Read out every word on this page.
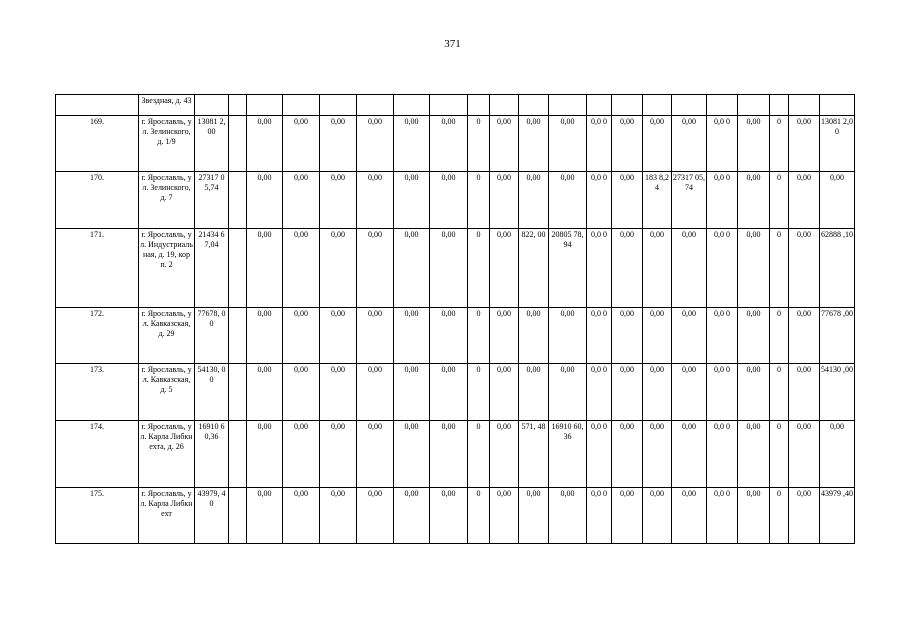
371
	Звездная, д. 43																					
169.	г. Ярославль, ул. Зелинского, д. 1/9	13081 2,00		0,00	0,00	0,00	0,00	0,00	0,00	0	0,00	0,00	0,00	0,0 0	0,00	0,00	0,00	0,0 0	0,00	0	0,00	13081 2,00
170.	г. Ярославль, ул. Зелинского, д. 7	27317 05,74		0,00	0,00	0,00	0,00	0,00	0,00	0	0,00	0,00	0,00	0,0 0	0,00	183 8,24	27317 05,74	0,0 0	0,00	0	0,00	0,00
171.	г. Ярославль, ул. Индустриальная, д. 19, корп. 2	21434 67,04		0,00	0,00	0,00	0,00	0,00	0,00	0	0,00	822, 00	20805 78,94	0,0 0	0,00	0,00	0,00	0,0 0	0,00	0	0,00	62888 ,10
172.	г. Ярославль, ул. Кавказская, д. 29	77678, 00		0,00	0,00	0,00	0,00	0,00	0,00	0	0,00	0,00	0,00	0,0 0	0,00	0,00	0,00	0,0 0	0,00	0	0,00	77678 ,00
173.	г. Ярославль, ул. Кавказская, д. 5	54130, 00		0,00	0,00	0,00	0,00	0,00	0,00	0	0,00	0,00	0,00	0,0 0	0,00	0,00	0,00	0,0 0	0,00	0	0,00	54130 ,00
174.	г. Ярославль, ул. Карла Либкнехта, д. 26	16910 60,36		0,00	0,00	0,00	0,00	0,00	0,00	0	0,00	571, 48	16910 60,36	0,0 0	0,00	0,00	0,00	0,0 0	0,00	0	0,00	0,00
175.	г. Ярославль, ул. Карла Либкнехт	43979, 40		0,00	0,00	0,00	0,00	0,00	0,00	0	0,00	0,00	0,00	0,0 0	0,00	0,00	0,00	0,0 0	0,00	0	0,00	43979 ,40
